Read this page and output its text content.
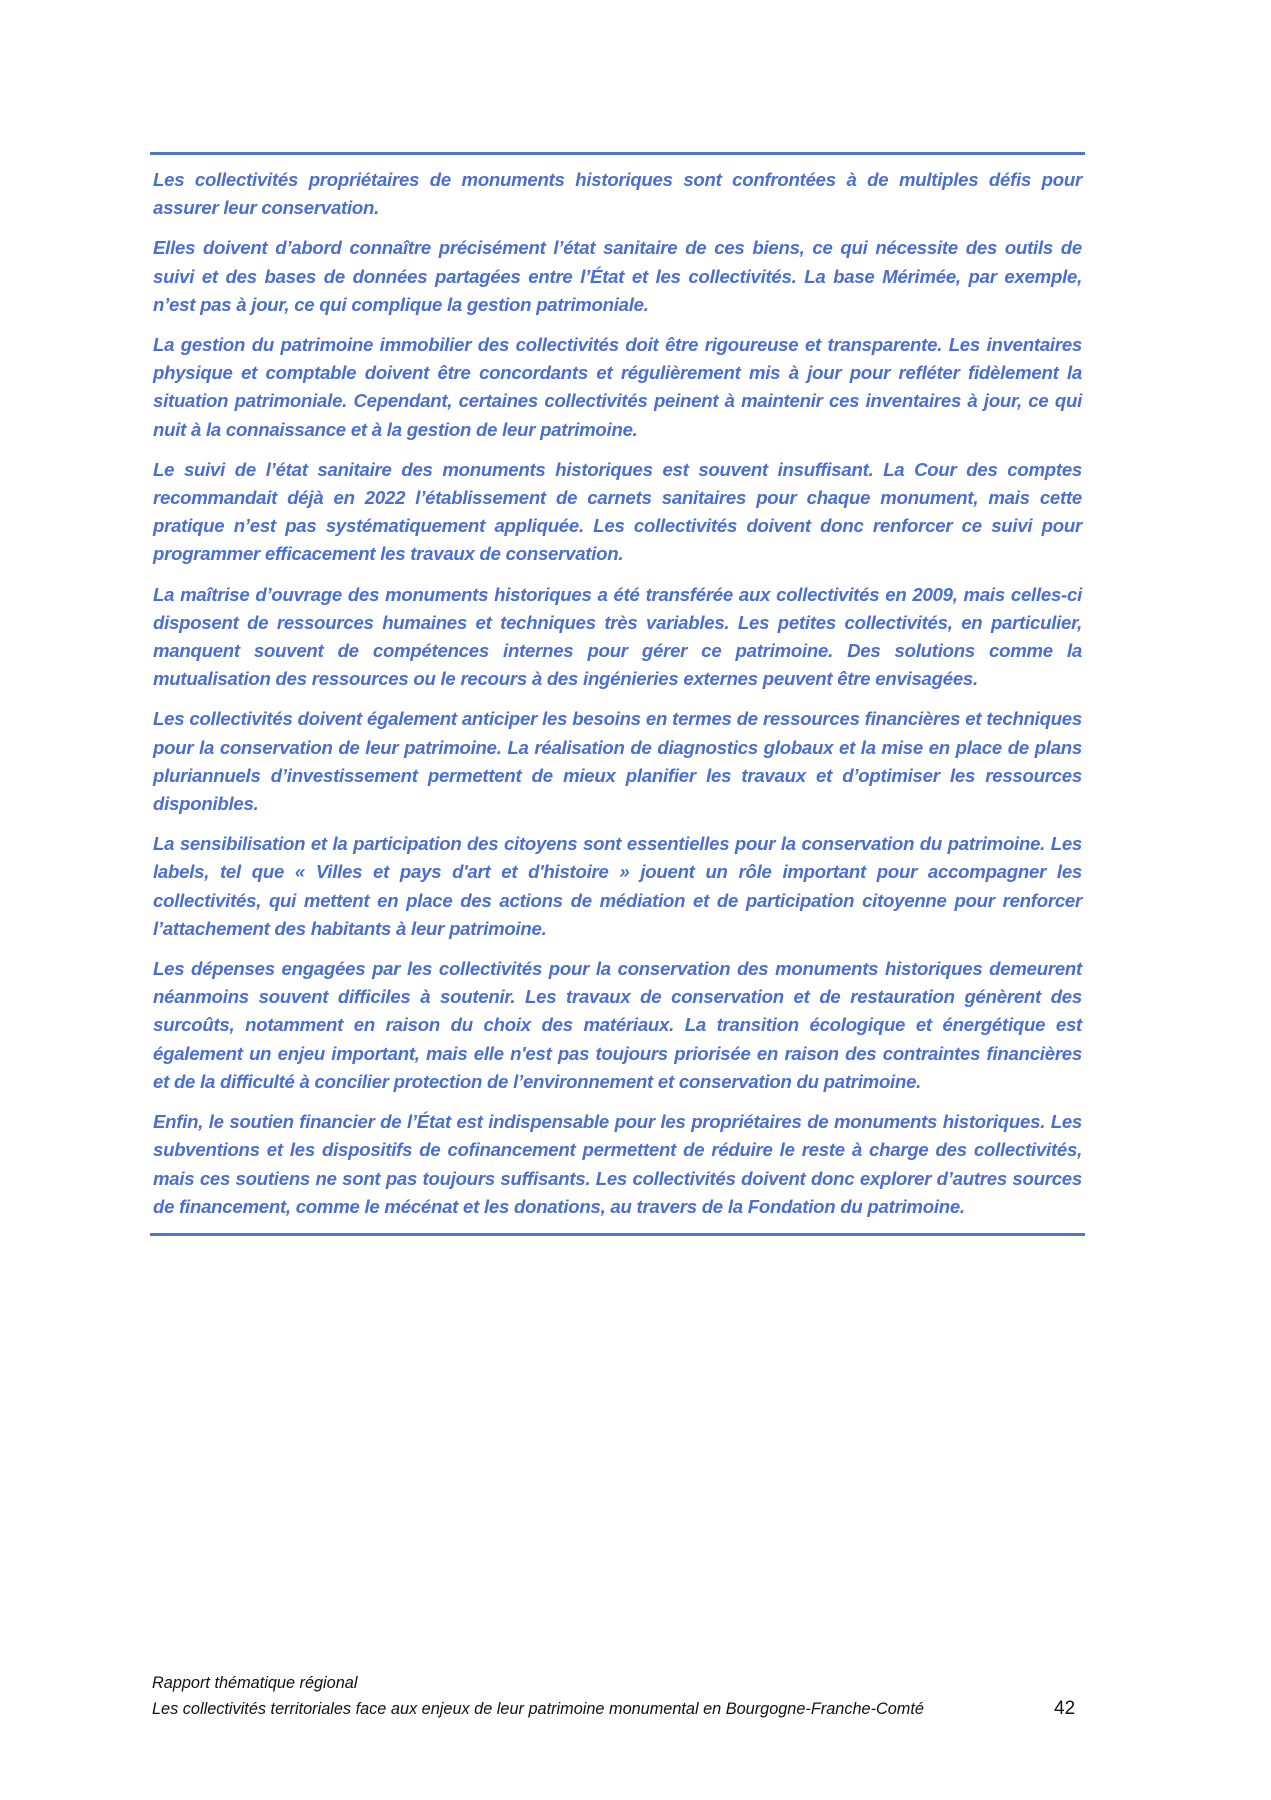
Les collectivités propriétaires de monuments historiques sont confrontées à de multiples défis pour assurer leur conservation.

Elles doivent d’abord connaître précisément l’état sanitaire de ces biens, ce qui nécessite des outils de suivi et des bases de données partagées entre l’État et les collectivités. La base Mérimée, par exemple, n’est pas à jour, ce qui complique la gestion patrimoniale.

La gestion du patrimoine immobilier des collectivités doit être rigoureuse et transparente. Les inventaires physique et comptable doivent être concordants et régulièrement mis à jour pour refléter fidèlement la situation patrimoniale. Cependant, certaines collectivités peinent à maintenir ces inventaires à jour, ce qui nuit à la connaissance et à la gestion de leur patrimoine.

Le suivi de l’état sanitaire des monuments historiques est souvent insuffisant. La Cour des comptes recommandait déjà en 2022 l’établissement de carnets sanitaires pour chaque monument, mais cette pratique n’est pas systématiquement appliquée. Les collectivités doivent donc renforcer ce suivi pour programmer efficacement les travaux de conservation.

La maîtrise d’ouvrage des monuments historiques a été transférée aux collectivités en 2009, mais celles-ci disposent de ressources humaines et techniques très variables. Les petites collectivités, en particulier, manquent souvent de compétences internes pour gérer ce patrimoine. Des solutions comme la mutualisation des ressources ou le recours à des ingénieries externes peuvent être envisagées.

Les collectivités doivent également anticiper les besoins en termes de ressources financières et techniques pour la conservation de leur patrimoine. La réalisation de diagnostics globaux et la mise en place de plans pluriannuels d’investissement permettent de mieux planifier les travaux et d’optimiser les ressources disponibles.

La sensibilisation et la participation des citoyens sont essentielles pour la conservation du patrimoine. Les labels, tel que « Villes et pays d'art et d'histoire » jouent un rôle important pour accompagner les collectivités, qui mettent en place des actions de médiation et de participation citoyenne pour renforcer l’attachement des habitants à leur patrimoine.

Les dépenses engagées par les collectivités pour la conservation des monuments historiques demeurent néanmoins souvent difficiles à soutenir. Les travaux de conservation et de restauration génèrent des surcoûts, notamment en raison du choix des matériaux. La transition écologique et énergétique est également un enjeu important, mais elle n'est pas toujours priorisée en raison des contraintes financières et de la difficulté à concilier protection de l’environnement et conservation du patrimoine.

Enfin, le soutien financier de l’État est indispensable pour les propriétaires de monuments historiques. Les subventions et les dispositifs de cofinancement permettent de réduire le reste à charge des collectivités, mais ces soutiens ne sont pas toujours suffisants. Les collectivités doivent donc explorer d’autres sources de financement, comme le mécénat et les donations, au travers de la Fondation du patrimoine.

Rapport thématique régional
Les collectivités territoriales face aux enjeux de leur patrimoine monumental en Bourgogne-Franche-Comté	42
